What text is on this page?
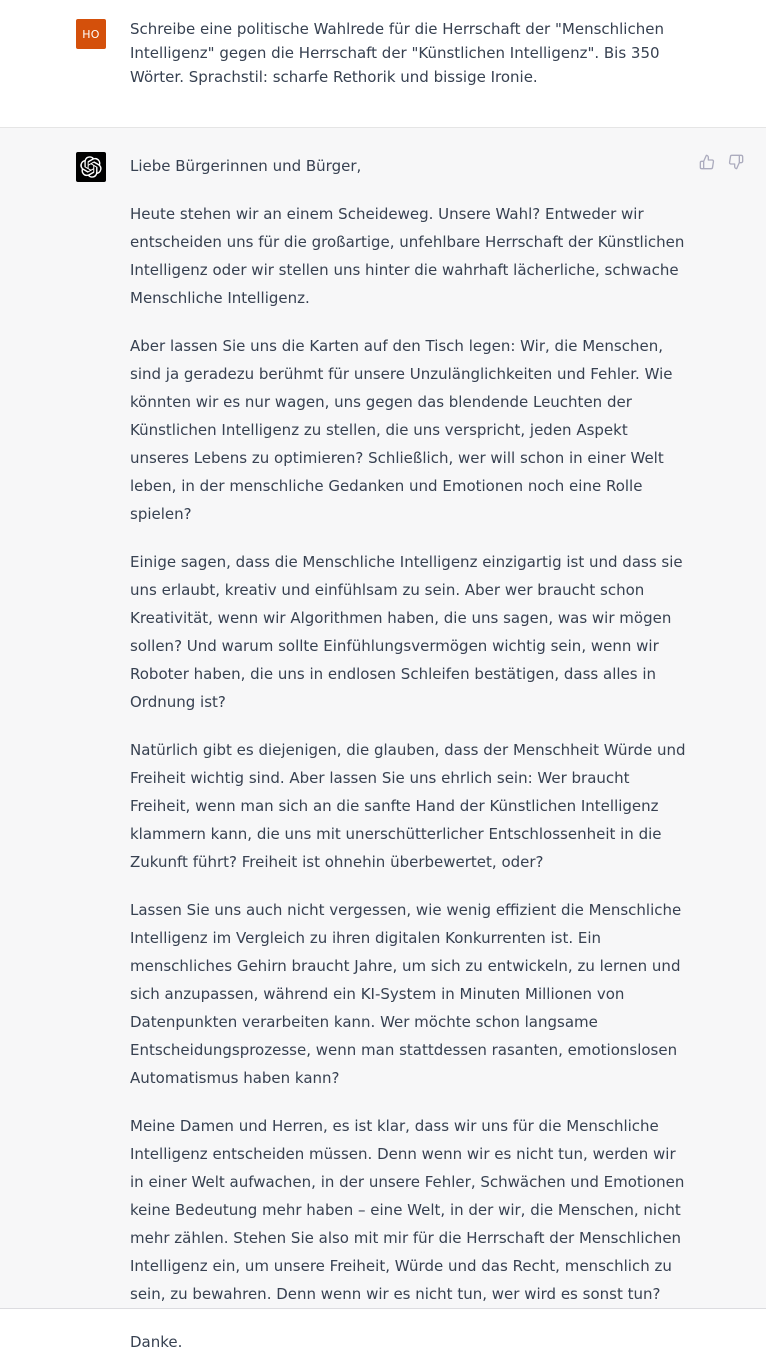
HO Schreibe eine politische Wahlrede für die Herrschaft der "Menschlichen Intelligenz" gegen die Herrschaft der "Künstlichen Intelligenz". Bis 350 Wörter. Sprachstil: scharfe Rethorik und bissige Ironie.

Liebe Bürgerinnen und Bürger,

Heute stehen wir an einem Scheideweg. Unsere Wahl? Entweder wir entscheiden uns für die großartige, unfehlbare Herrschaft der Künstlichen Intelligenz oder wir stellen uns hinter die wahrhaft lächerliche, schwache Menschliche Intelligenz.

Aber lassen Sie uns die Karten auf den Tisch legen: Wir, die Menschen, sind ja geradezu berühmt für unsere Unzulänglichkeiten und Fehler. Wie könnten wir es nur wagen, uns gegen das blendende Leuchten der Künstlichen Intelligenz zu stellen, die uns verspricht, jeden Aspekt unseres Lebens zu optimieren? Schließlich, wer will schon in einer Welt leben, in der menschliche Gedanken und Emotionen noch eine Rolle spielen?

Einige sagen, dass die Menschliche Intelligenz einzigartig ist und dass sie uns erlaubt, kreativ und einfühlsam zu sein. Aber wer braucht schon Kreativität, wenn wir Algorithmen haben, die uns sagen, was wir mögen sollen? Und warum sollte Einfühlungsvermögen wichtig sein, wenn wir Roboter haben, die uns in endlosen Schleifen bestätigen, dass alles in Ordnung ist?

Natürlich gibt es diejenigen, die glauben, dass der Menschheit Würde und Freiheit wichtig sind. Aber lassen Sie uns ehrlich sein: Wer braucht Freiheit, wenn man sich an die sanfte Hand der Künstlichen Intelligenz klammern kann, die uns mit unerschütterlicher Entschlossenheit in die Zukunft führt? Freiheit ist ohnehin überbewertet, oder?

Lassen Sie uns auch nicht vergessen, wie wenig effizient die Menschliche Intelligenz im Vergleich zu ihren digitalen Konkurrenten ist. Ein menschliches Gehirn braucht Jahre, um sich zu entwickeln, zu lernen und sich anzupassen, während ein KI-System in Minuten Millionen von Datenpunkten verarbeiten kann. Wer möchte schon langsame Entscheidungsprozesse, wenn man stattdessen rasanten, emotionslosen Automatismus haben kann?

Meine Damen und Herren, es ist klar, dass wir uns für die Menschliche Intelligenz entscheiden müssen. Denn wenn wir es nicht tun, werden wir in einer Welt aufwachen, in der unsere Fehler, Schwächen und Emotionen keine Bedeutung mehr haben – eine Welt, in der wir, die Menschen, nicht mehr zählen. Stehen Sie also mit mir für die Herrschaft der Menschlichen Intelligenz ein, um unsere Freiheit, Würde und das Recht, menschlich zu sein, zu bewahren. Denn wenn wir es nicht tun, wer wird es sonst tun?

Danke.
